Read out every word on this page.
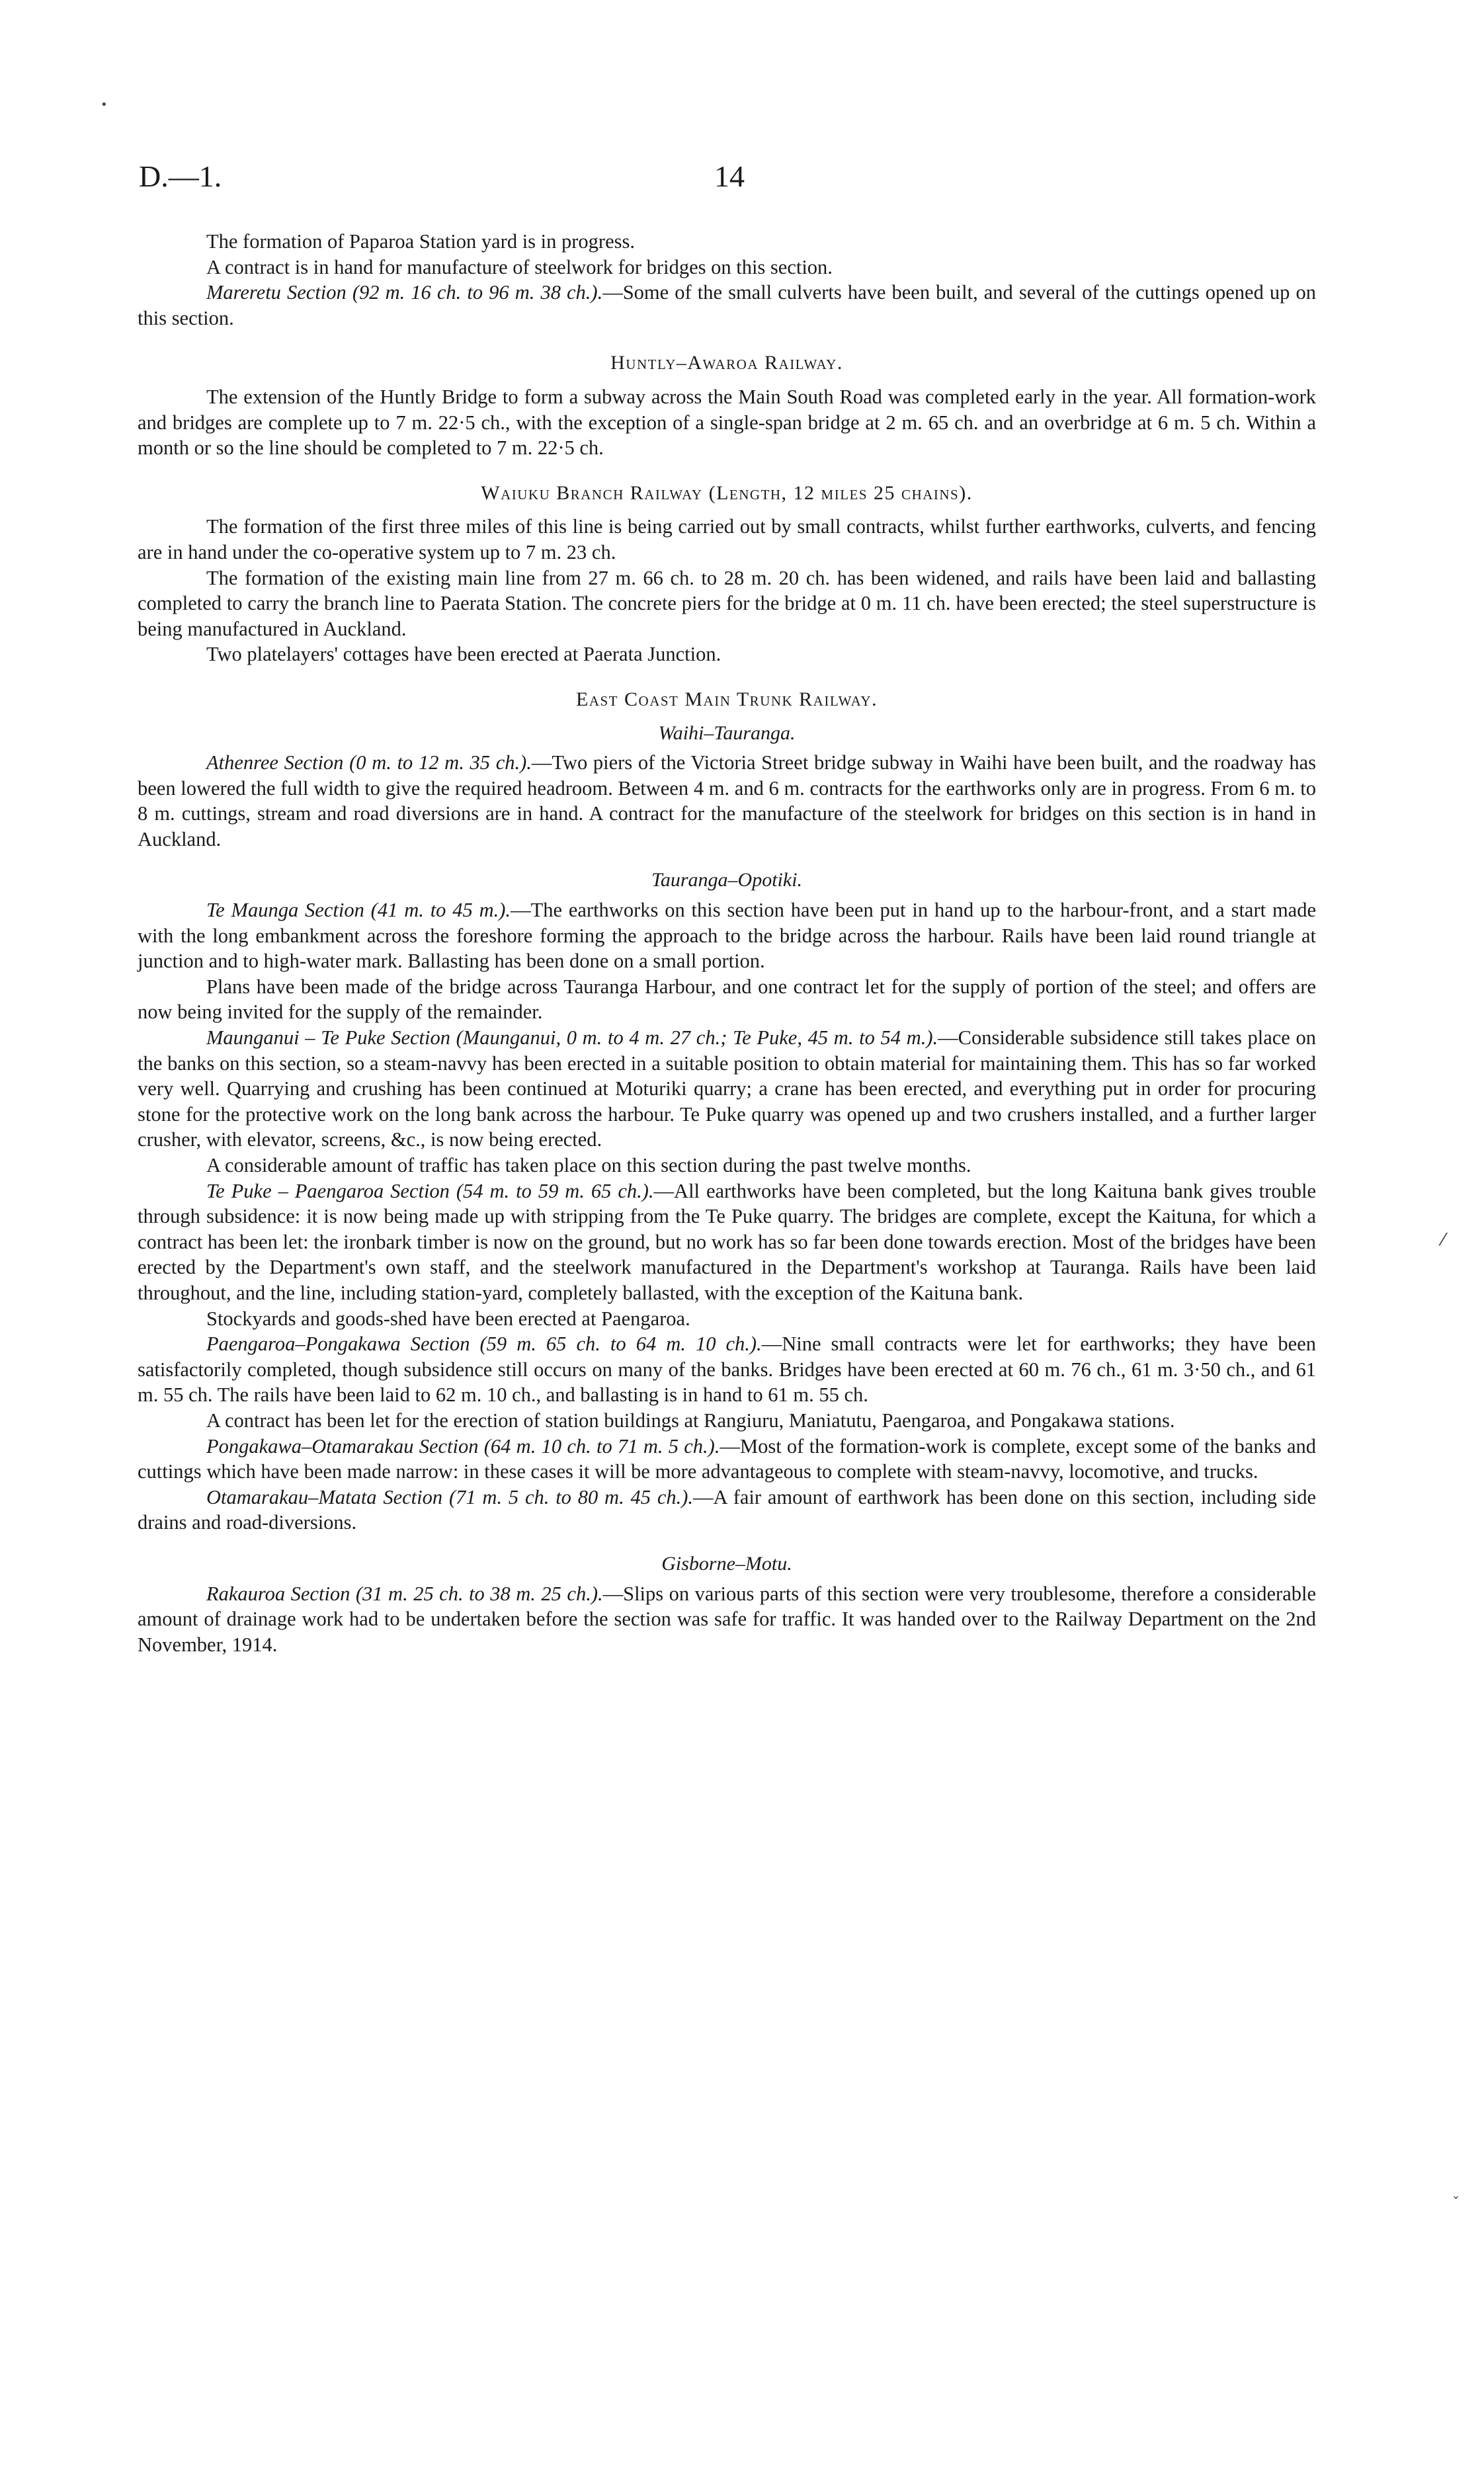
•
D.—1.	14

The formation of Paparoa Station yard is in progress.

A contract is in hand for manufacture of steelwork for bridges on this section.

Mareretu Section (92 m. 16 ch. to 96 m. 38 ch.).—Some of the small culverts have been built, and several of the cuttings opened up on this section.

Huntly–Awaroa Railway.

The extension of the Huntly Bridge to form a subway across the Main South Road was completed early in the year. All formation-work and bridges are complete up to 7 m. 22·5 ch., with the exception of a single-span bridge at 2 m. 65 ch. and an overbridge at 6 m. 5 ch. Within a month or so the line should be completed to 7 m. 22·5 ch.

Waiuku Branch Railway (Length, 12 miles 25 chains).

The formation of the first three miles of this line is being carried out by small contracts, whilst further earthworks, culverts, and fencing are in hand under the co-operative system up to 7 m. 23 ch.

The formation of the existing main line from 27 m. 66 ch. to 28 m. 20 ch. has been widened, and rails have been laid and ballasting completed to carry the branch line to Paerata Station. The concrete piers for the bridge at 0 m. 11 ch. have been erected; the steel superstructure is being manufactured in Auckland.

Two platelayers' cottages have been erected at Paerata Junction.

East Coast Main Trunk Railway.
Waihi–Tauranga.

Athenree Section (0 m. to 12 m. 35 ch.).—Two piers of the Victoria Street bridge subway in Waihi have been built, and the roadway has been lowered the full width to give the required headroom. Between 4 m. and 6 m. contracts for the earthworks only are in progress. From 6 m. to 8 m. cuttings, stream and road diversions are in hand. A contract for the manufacture of the steelwork for bridges on this section is in hand in Auckland.

Tauranga–Opotiki.

Te Maunga Section (41 m. to 45 m.).—The earthworks on this section have been put in hand up to the harbour-front, and a start made with the long embankment across the foreshore forming the approach to the bridge across the harbour. Rails have been laid round triangle at junction and to high-water mark. Ballasting has been done on a small portion.

Plans have been made of the bridge across Tauranga Harbour, and one contract let for the supply of portion of the steel; and offers are now being invited for the supply of the remainder.

Maunganui – Te Puke Section (Maunganui, 0 m. to 4 m. 27 ch.; Te Puke, 45 m. to 54 m.).—Considerable subsidence still takes place on the banks on this section, so a steam-navvy has been erected in a suitable position to obtain material for maintaining them. This has so far worked very well. Quarrying and crushing has been continued at Moturiki quarry; a crane has been erected, and everything put in order for procuring stone for the protective work on the long bank across the harbour. Te Puke quarry was opened up and two crushers installed, and a further larger crusher, with elevator, screens, &c., is now being erected.

A considerable amount of traffic has taken place on this section during the past twelve months.

Te Puke – Paengaroa Section (54 m. to 59 m. 65 ch.).—All earthworks have been completed, but the long Kaituna bank gives trouble through subsidence: it is now being made up with stripping from the Te Puke quarry. The bridges are complete, except the Kaituna, for which a contract has been let: the ironbark timber is now on the ground, but no work has so far been done towards erection. Most of the bridges have been erected by the Department's own staff, and the steelwork manufactured in the Department's workshop at Tauranga. Rails have been laid throughout, and the line, including station-yard, completely ballasted, with the exception of the Kaituna bank.

Stockyards and goods-shed have been erected at Paengaroa.

Paengaroa–Pongakawa Section (59 m. 65 ch. to 64 m. 10 ch.).—Nine small contracts were let for earthworks; they have been satisfactorily completed, though subsidence still occurs on many of the banks. Bridges have been erected at 60 m. 76 ch., 61 m. 3·50 ch., and 61 m. 55 ch. The rails have been laid to 62 m. 10 ch., and ballasting is in hand to 61 m. 55 ch.

A contract has been let for the erection of station buildings at Rangiuru, Maniatutu, Paengaroa, and Pongakawa stations.

Pongakawa–Otamarakau Section (64 m. 10 ch. to 71 m. 5 ch.).—Most of the formation-work is complete, except some of the banks and cuttings which have been made narrow: in these cases it will be more advantageous to complete with steam-navvy, locomotive, and trucks.

Otamarakau–Matata Section (71 m. 5 ch. to 80 m. 45 ch.).—A fair amount of earthwork has been done on this section, including side drains and road-diversions.

Gisborne–Motu.

Rakauroa Section (31 m. 25 ch. to 38 m. 25 ch.).—Slips on various parts of this section were very troublesome, therefore a considerable amount of drainage work had to be undertaken before the section was safe for traffic. It was handed over to the Railway Department on the 2nd November, 1914.

⁄
ˇ
